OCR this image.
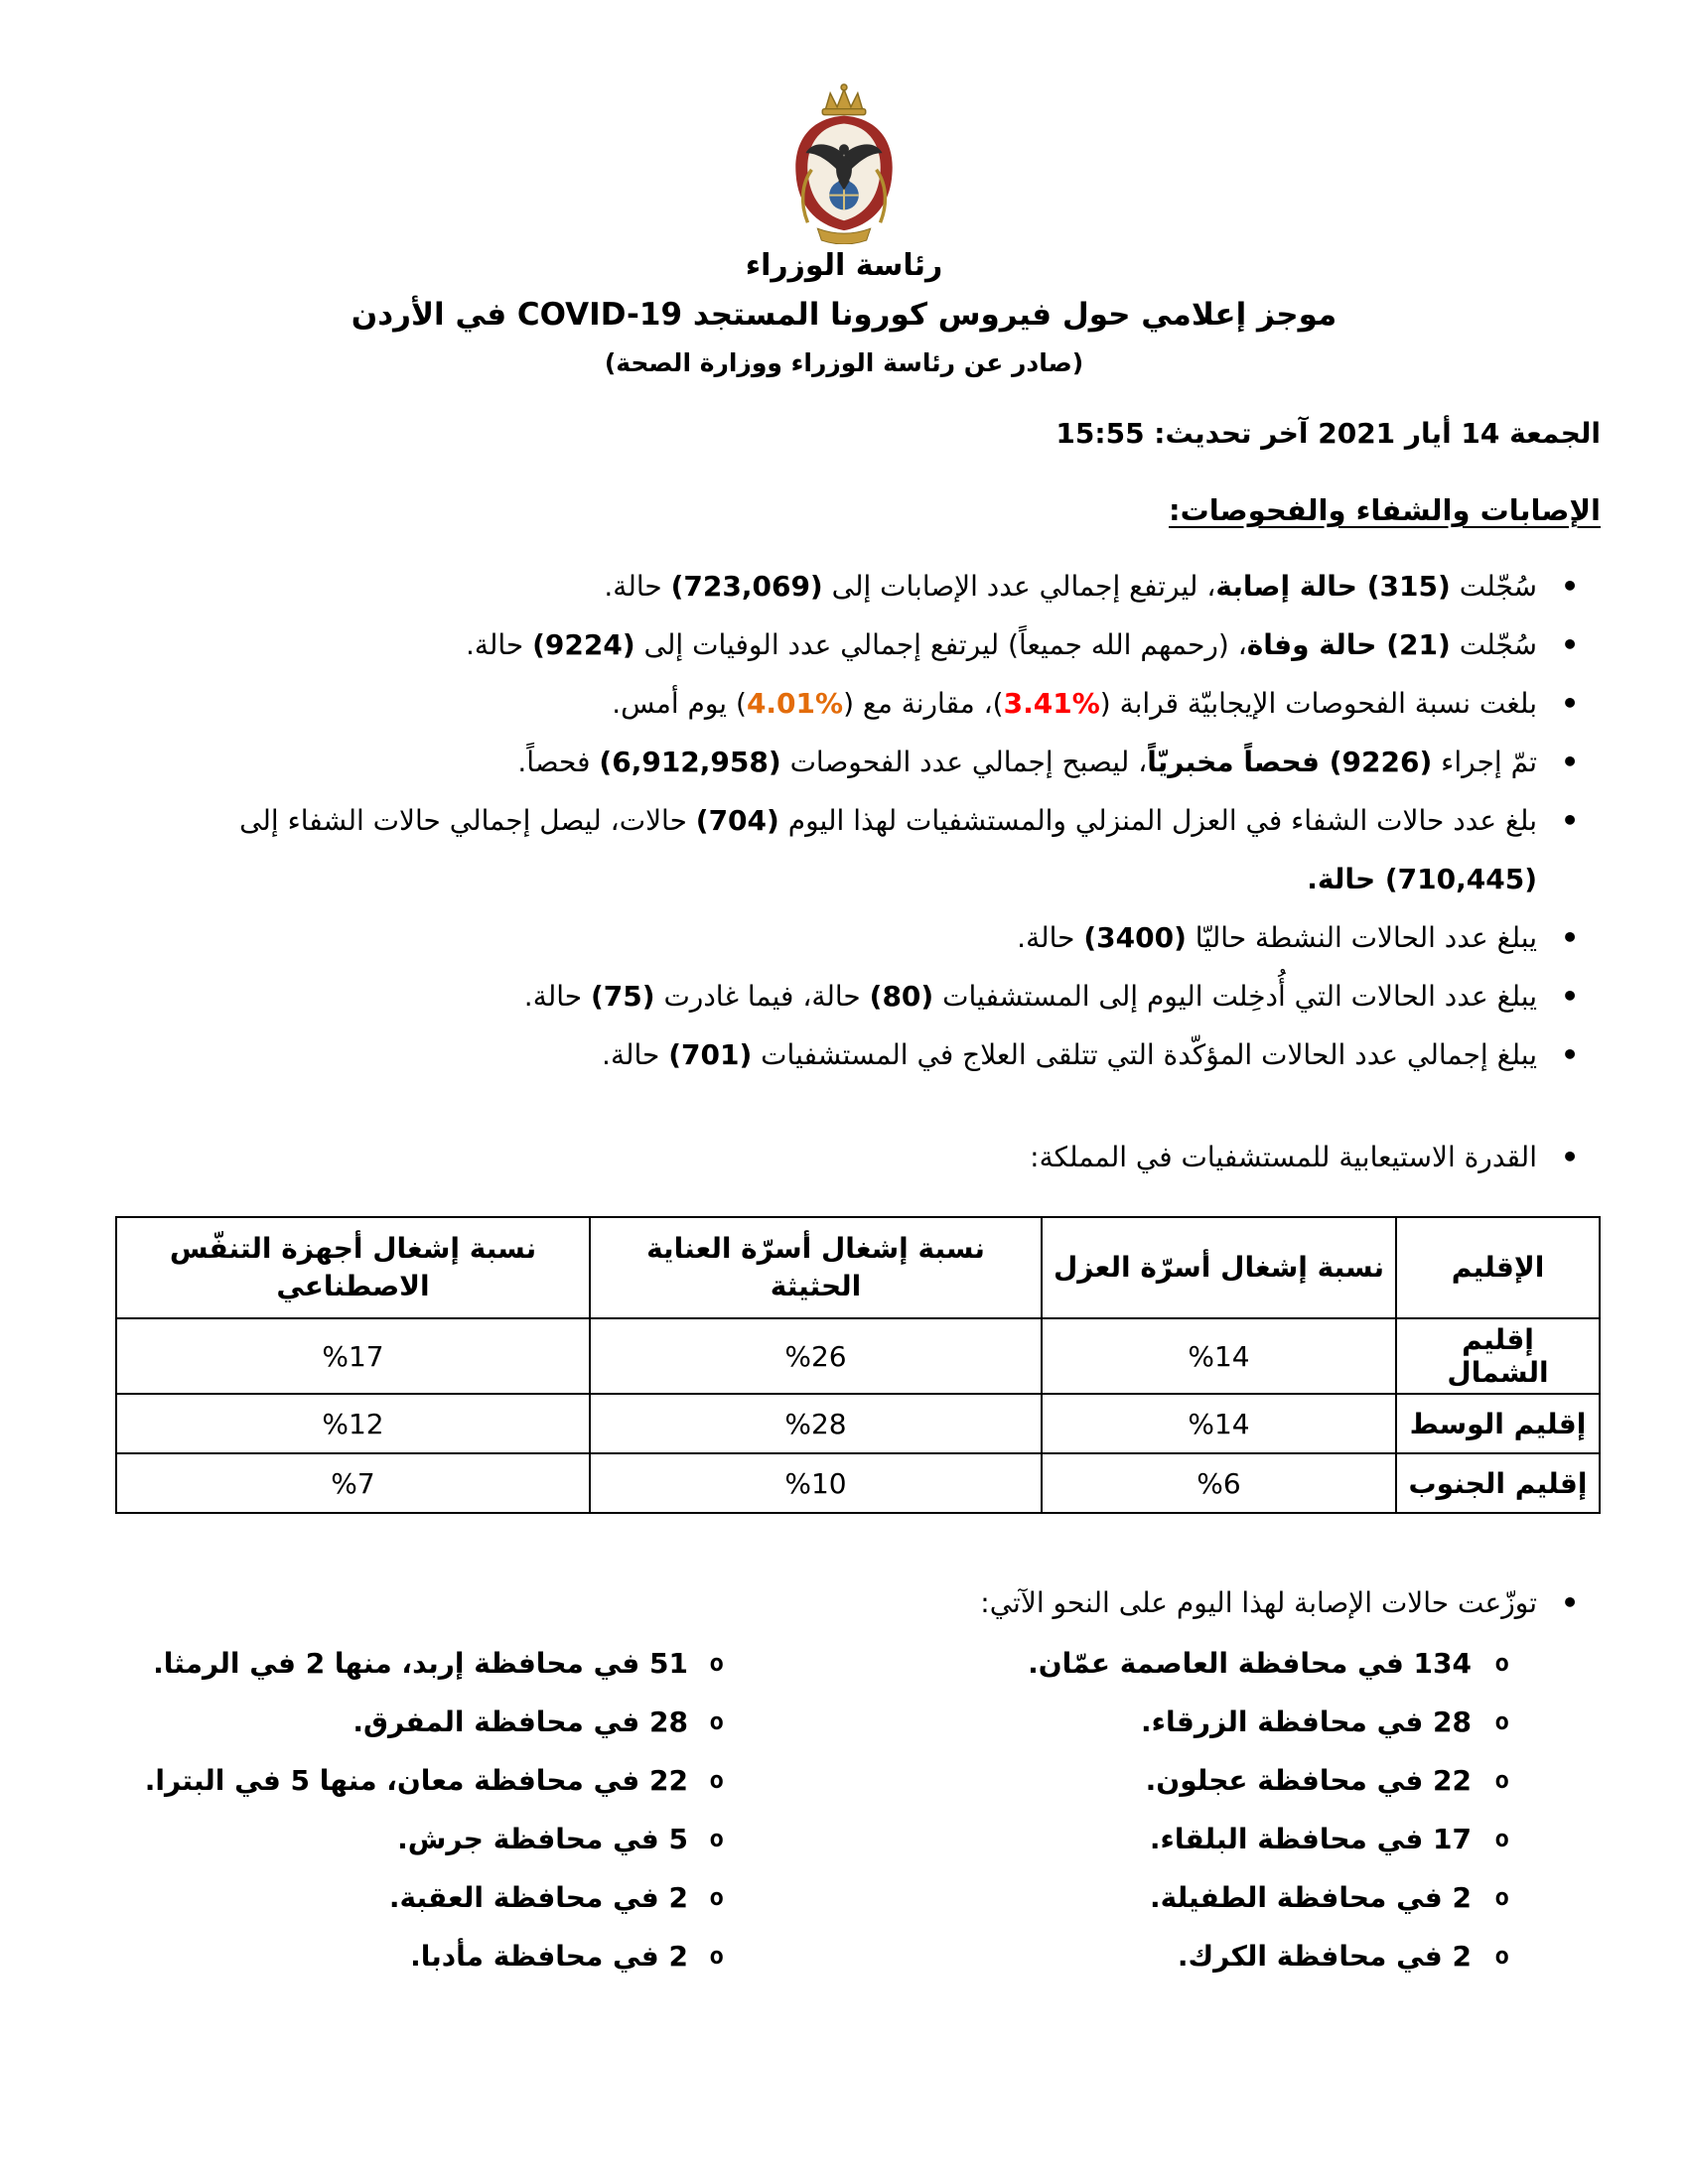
رئاسة الوزراء
موجز إعلامي حول فيروس كورونا المستجد COVID-19 في الأردن
(صادر عن رئاسة الوزراء ووزارة الصحة)
الجمعة 14 أيار 2021 آخر تحديث: 15:55
الإصابات والشفاء والفحوصات:
• سُجّلت (315) حالة إصابة، ليرتفع إجمالي عدد الإصابات إلى (723,069) حالة.
• سُجّلت (21) حالة وفاة، (رحمهم الله جميعاً) ليرتفع إجمالي عدد الوفيات إلى (9224) حالة.
• بلغت نسبة الفحوصات الإيجابيّة قرابة (%3.41)، مقارنة مع (%4.01) يوم أمس.
• تمّ إجراء (9226) فحصاً مخبريّاً، ليصبح إجمالي عدد الفحوصات (6,912,958) فحصاً.
• بلغ عدد حالات الشفاء في العزل المنزلي والمستشفيات لهذا اليوم (704) حالات، ليصل إجمالي حالات الشفاء إلى (710,445) حالة.
• يبلغ عدد الحالات النشطة حاليّا (3400) حالة.
• يبلغ عدد الحالات التي أُدخِلت اليوم إلى المستشفيات (80) حالة، فيما غادرت (75) حالة.
• يبلغ إجمالي عدد الحالات المؤكّدة التي تتلقى العلاج في المستشفيات (701) حالة.
• القدرة الاستيعابية للمستشفيات في المملكة:
الإقليم	نسبة إشغال أسرّة العزل	نسبة إشغال أسرّة العناية الحثيثة	نسبة إشغال أجهزة التنفّس الاصطناعي
إقليم الشمال	%14	%26	%17
إقليم الوسط	%14	%28	%12
إقليم الجنوب	%6	%10	%7
• توزّعت حالات الإصابة لهذا اليوم على النحو الآتي:
o 134 في محافظة العاصمة عمّان.
o 28 في محافظة الزرقاء.
o 22 في محافظة عجلون.
o 17 في محافظة البلقاء.
o 2 في محافظة الطفيلة.
o 2 في محافظة الكرك.
o 51 في محافظة إربد، منها 2 في الرمثا.
o 28 في محافظة المفرق.
o 22 في محافظة معان، منها 5 في البترا.
o 5 في محافظة جرش.
o 2 في محافظة العقبة.
o 2 في محافظة مأدبا.
